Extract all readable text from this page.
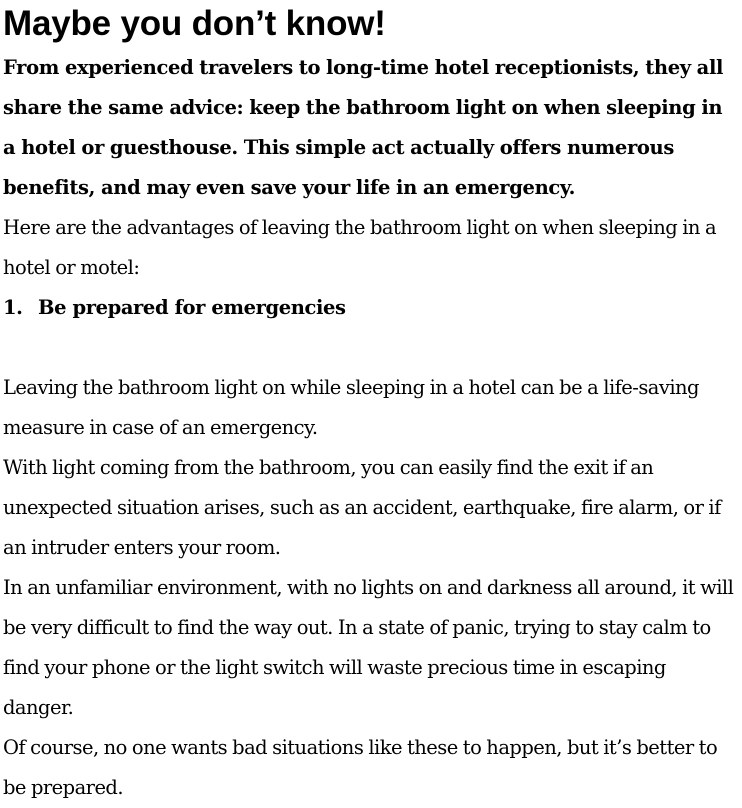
Maybe you don’t know!

From experienced travelers to long-time hotel receptionists, they all share the same advice: keep the bathroom light on when sleeping in a hotel or guesthouse. This simple act actually offers numerous benefits, and may even save your life in an emergency.

Here are the advantages of leaving the bathroom light on when sleeping in a hotel or motel:

1. Be prepared for emergencies

Leaving the bathroom light on while sleeping in a hotel can be a life-saving measure in case of an emergency.

With light coming from the bathroom, you can easily find the exit if an unexpected situation arises, such as an accident, earthquake, fire alarm, or if an intruder enters your room.

In an unfamiliar environment, with no lights on and darkness all around, it will be very difficult to find the way out. In a state of panic, trying to stay calm to find your phone or the light switch will waste precious time in escaping danger.

Of course, no one wants bad situations like these to happen, but it’s better to be prepared.
